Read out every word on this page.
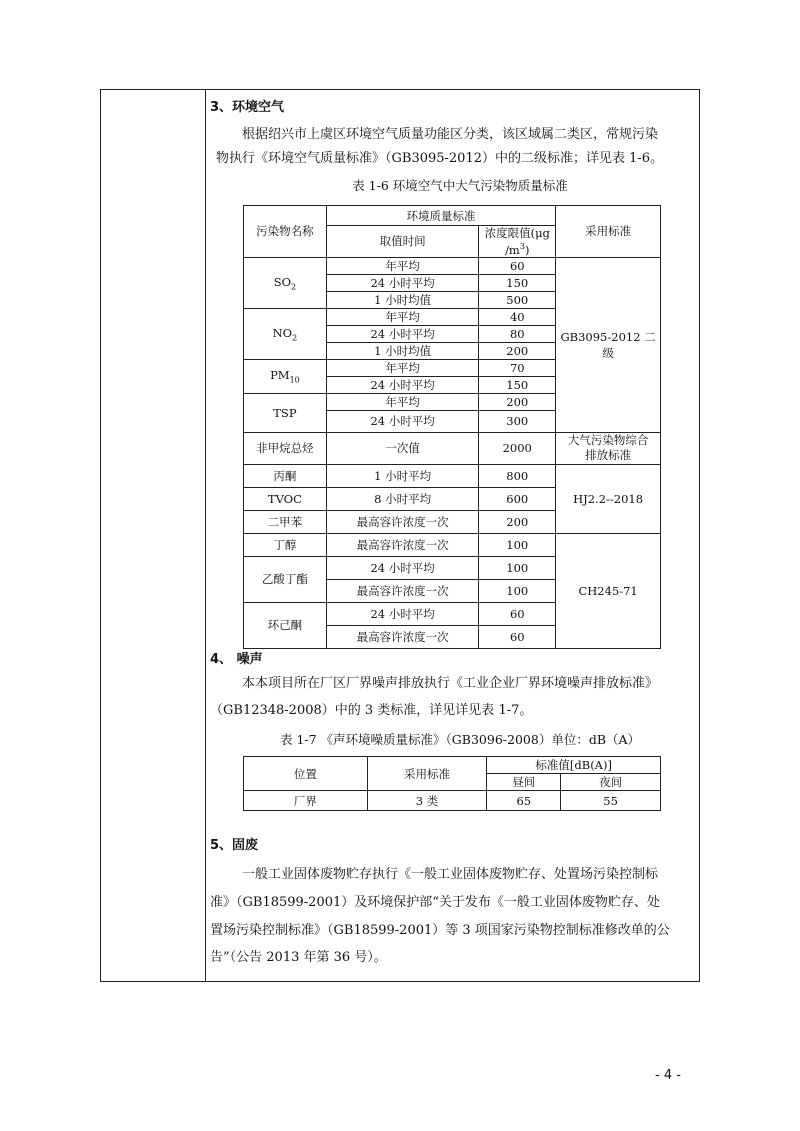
3、环境空气
根据绍兴市上虞区环境空气质量功能区分类，该区域属二类区，常规污染
物执行《环境空气质量标准》（GB3095-2012）中的二级标准；详见表 1-6。
表 1-6 环境空气中大气污染物质量标准
污染物名称	环境质量标准		采用标准
	取值时间	浓度限值(μg
$/m^3$)	
$SO_2$	年平均	60	GB3095-2012 二
级
	24 小时平均	150	
	1 小时均值	500	
$NO_2$	年平均	40	
	24 小时平均	80	
	1 小时均值	200	
$PM_{10}$	年平均	70	
	24 小时平均	150	
TSP	年平均	200	
	24 小时平均	300	
非甲烷总烃	一次值	2000	大气污染物综合
排放标准
丙酮	1 小时平均	800	HJ2.2--2018
TVOC	8 小时平均	600	
二甲苯	最高容许浓度一次	200	
丁醇	最高容许浓度一次	100	CH245-71
乙酸丁酯	24 小时平均	100	
	最高容许浓度一次	100	
环己酮	24 小时平均	60	
	最高容许浓度一次	60	
4、 噪声
本本项目所在厂区厂界噪声排放执行《工业企业厂界环境噪声排放标准》
（GB12348-2008）中的 3 类标准，详见详见表 1-7。
表 1-7 《声环境噪质量标准》（GB3096-2008）单位：dB（A）
位置	采用标准	标准值[dB(A)]	
		昼间	夜间
厂界	3 类	65	55
5、固废
一般工业固体废物贮存执行《一般工业固体废物贮存、处置场污染控制标
准》（GB18599-2001）及环境保护部“关于发布《一般工业固体废物贮存、处
置场污染控制标准》（GB18599-2001）等 3 项国家污染物控制标准修改单的公
告”（公告 2013 年第 36 号）。
- 4 -
